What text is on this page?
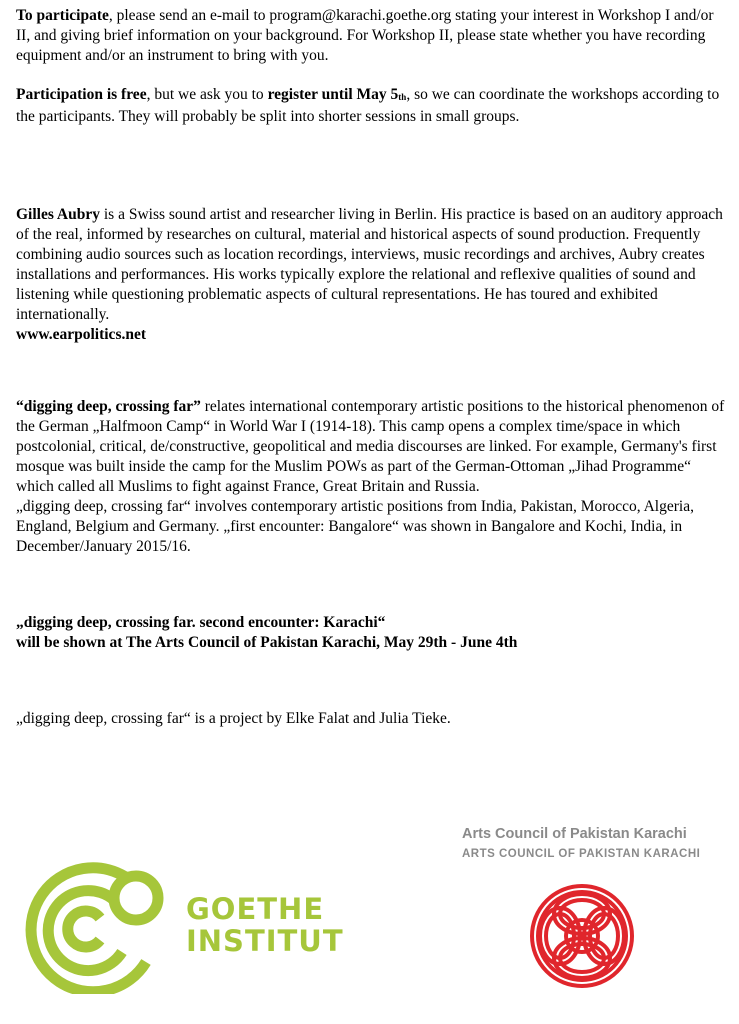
To participate, please send an e-mail to program@karachi.goethe.org stating your interest in Workshop I and/or II, and giving brief information on your background. For Workshop II, please state whether you have recording equipment and/or an instrument to bring with you.

Participation is free, but we ask you to register until May $5_{th}$, so we can coordinate the workshops according to the participants. They will probably be split into shorter sessions in small groups.

Gilles Aubry is a Swiss sound artist and researcher living in Berlin. His practice is based on an auditory approach of the real, informed by researches on cultural, material and historical aspects of sound production. Frequently combining audio sources such as location recordings, interviews, music recordings and archives, Aubry creates installations and performances. His works typically explore the relational and reflexive qualities of sound and listening while questioning problematic aspects of cultural representations. He has toured and exhibited internationally.
www.earpolitics.net

“digging deep, crossing far” relates international contemporary artistic positions to the historical phenomenon of the German „Halfmoon Camp“ in World War I (1914-18). This camp opens a complex time/space in which postcolonial, critical, de/constructive, geopolitical and media discourses are linked. For example, Germany's first mosque was built inside the camp for the Muslim POWs as part of the German-Ottoman „Jihad Programme“ which called all Muslims to fight against France, Great Britain and Russia.
„digging deep, crossing far“ involves contemporary artistic positions from India, Pakistan, Morocco, Algeria, England, Belgium and Germany. „first encounter: Bangalore“ was shown in Bangalore and Kochi, India, in December/January 2015/16.

„digging deep, crossing far. second encounter: Karachi“
will be shown at The Arts Council of Pakistan Karachi, May 29th - June 4th

„digging deep, crossing far“ is a project by Elke Falat and Julia Tieke.

GOETHE
INSTITUT
Arts Council of Pakistan Karachi
ARTS COUNCIL OF PAKISTAN KARACHI
